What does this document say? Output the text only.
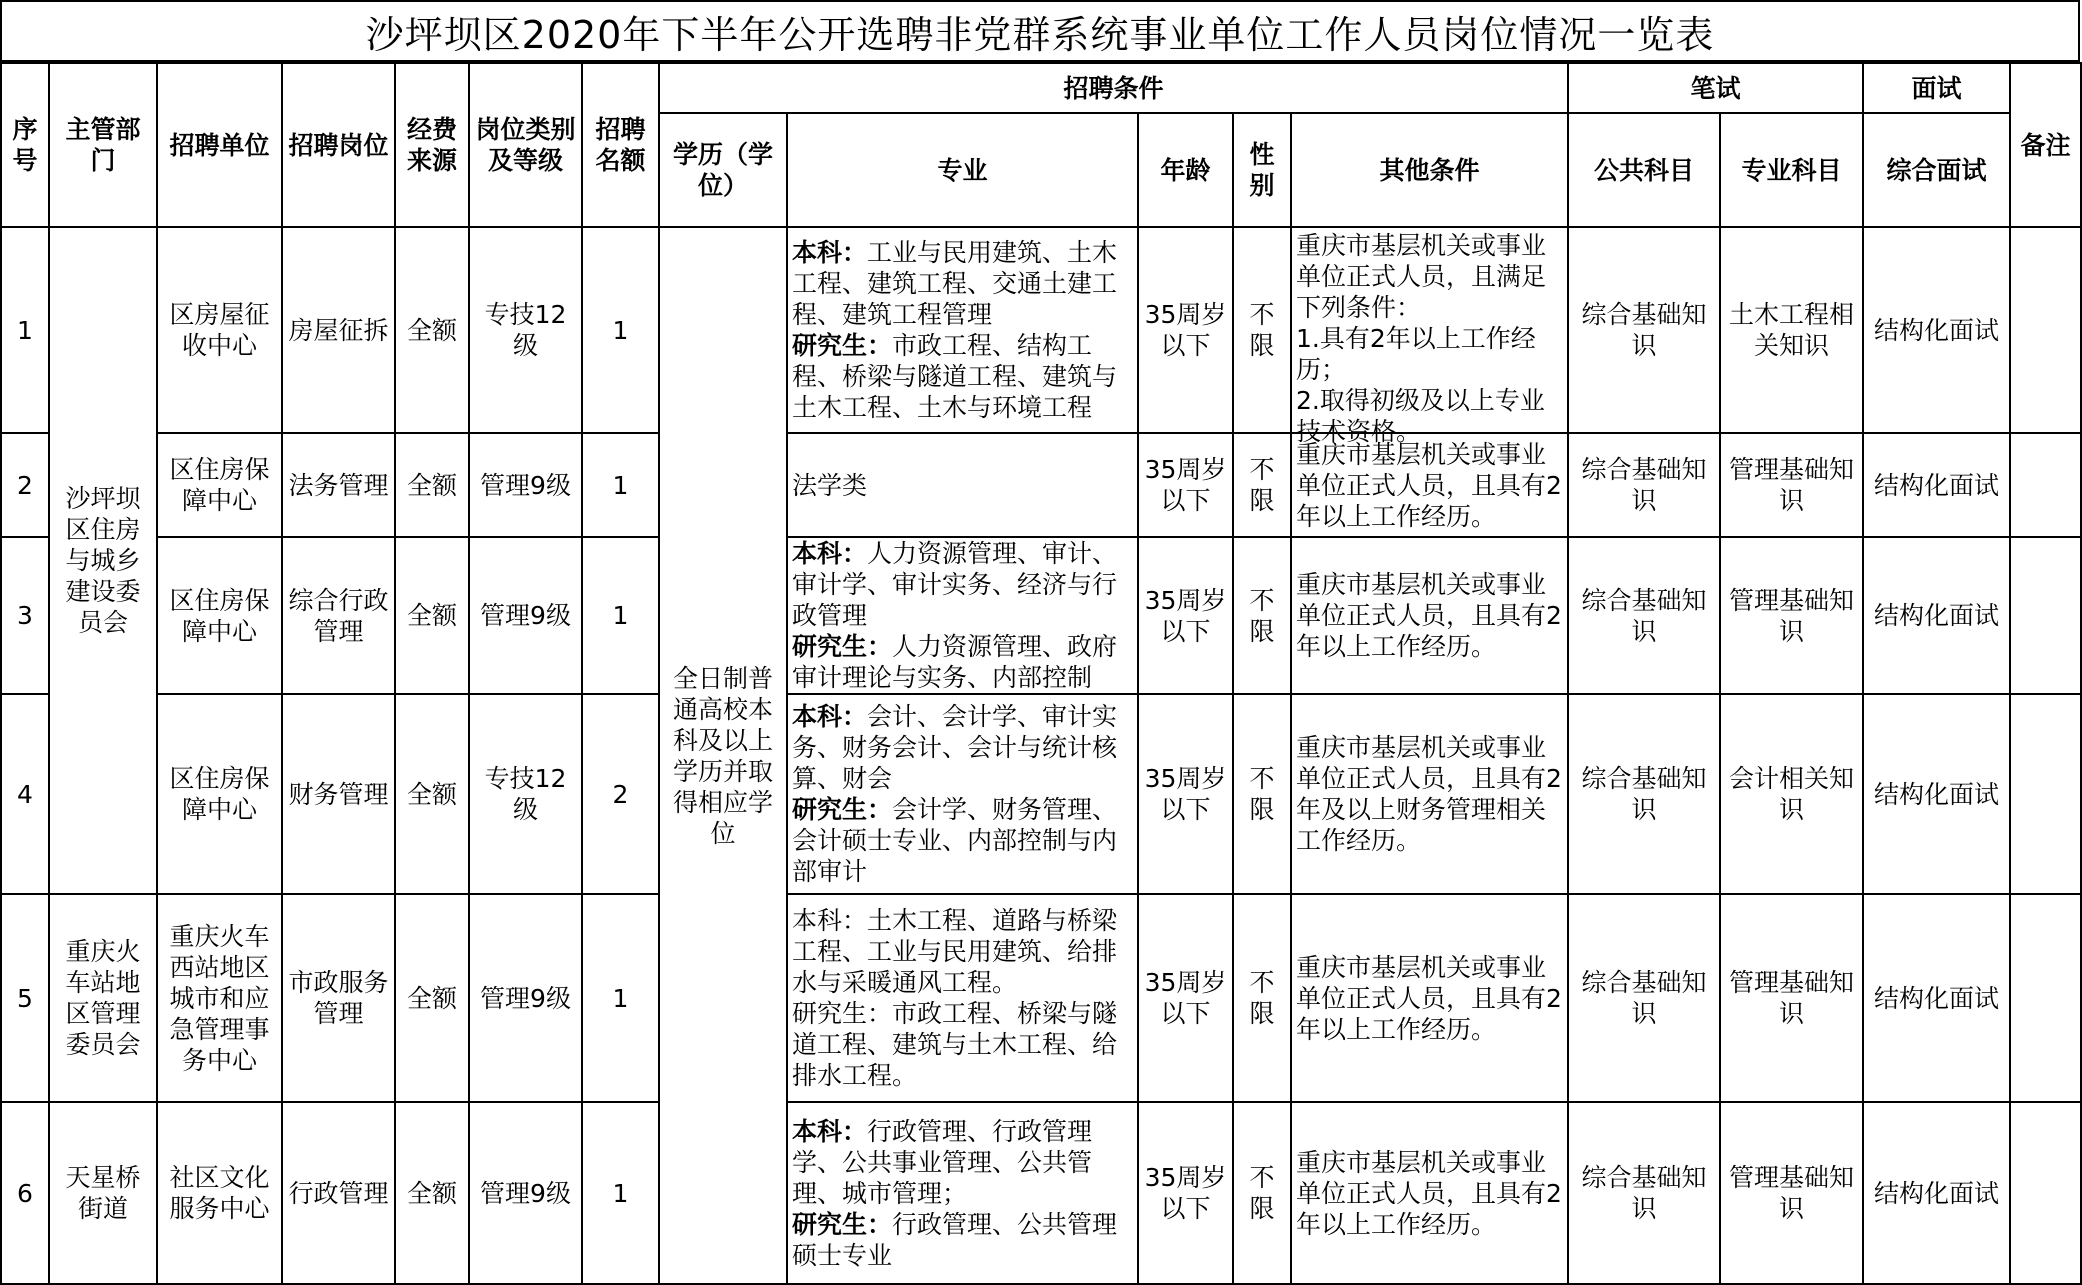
沙坪坝区2020年下半年公开选聘非党群系统事业单位工作人员岗位情况一览表
序号	主管部门	招聘单位	招聘岗位	经费来源	岗位类别及等级	招聘名额	招聘条件					笔试		面试	备注
							学历（学位）	专业	年龄	性别	其他条件	公共科目	专业科目	综合面试	
1	沙坪坝区住房与城乡建设委员会	区房屋征收中心	房屋征拆	全额	专技12级	1	全日制普通高校本科及以上学历并取得相应学位	本科：工业与民用建筑、土木工程、建筑工程、交通土建工程、建筑工程管理
研究生：市政工程、结构工程、桥梁与隧道工程、建筑与土木工程、土木与环境工程	35周岁以下	不限	重庆市基层机关或事业单位正式人员，且满足下列条件：
1.具有2年以上工作经历；
2.取得初级及以上专业技术资格。	综合基础知识	土木工程相关知识	结构化面试	
2		区住房保障中心	法务管理	全额	管理9级	1		法学类	35周岁以下	不限	重庆市基层机关或事业单位正式人员，且具有2年以上工作经历。	综合基础知识	管理基础知识	结构化面试	
3		区住房保障中心	综合行政管理	全额	管理9级	1		本科：人力资源管理、审计、审计学、审计实务、经济与行政管理
研究生：人力资源管理、政府审计理论与实务、内部控制	35周岁以下	不限	重庆市基层机关或事业单位正式人员，且具有2年以上工作经历。	综合基础知识	管理基础知识	结构化面试	
4		区住房保障中心	财务管理	全额	专技12级	2		本科：会计、会计学、审计实务、财务会计、会计与统计核算、财会
研究生：会计学、财务管理、会计硕士专业、内部控制与内部审计	35周岁以下	不限	重庆市基层机关或事业单位正式人员，且具有2年及以上财务管理相关工作经历。	综合基础知识	会计相关知识	结构化面试	
5	重庆火车站地区管理委员会	重庆火车西站地区城市和应急管理事务中心	市政服务管理	全额	管理9级	1		本科：土木工程、道路与桥梁工程、工业与民用建筑、给排水与采暖通风工程。
研究生：市政工程、桥梁与隧道工程、建筑与土木工程、给排水工程。	35周岁以下	不限	重庆市基层机关或事业单位正式人员，且具有2年以上工作经历。	综合基础知识	管理基础知识	结构化面试	
6	天星桥街道	社区文化服务中心	行政管理	全额	管理9级	1		本科：行政管理、行政管理学、公共事业管理、公共管理、城市管理；
研究生：行政管理、公共管理硕士专业	35周岁以下	不限	重庆市基层机关或事业单位正式人员，且具有2年以上工作经历。	综合基础知识	管理基础知识	结构化面试	
